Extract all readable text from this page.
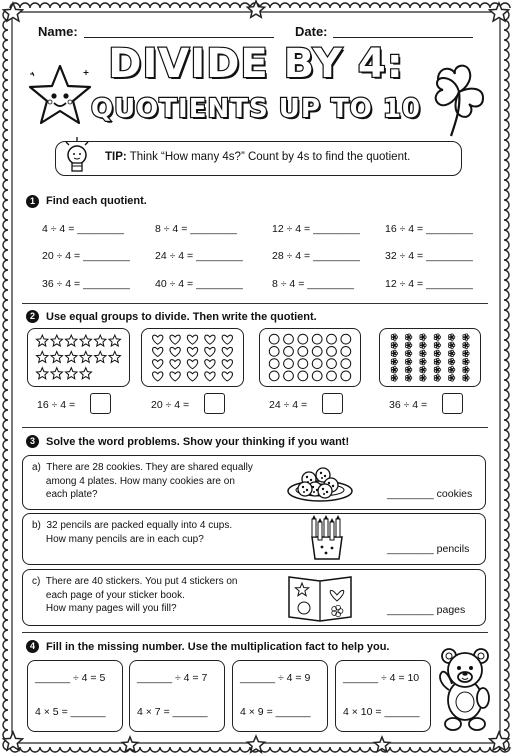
Name:	Date:
DIVIDE BY 4:
QUOTIENTS UP TO 10
TIP: Think “How many 4s?” Count by 4s to find the quotient.
1	Find each quotient.
4 ÷ 4 = ________	8 ÷ 4 = ________	12 ÷ 4 = ________ 16 ÷ 4 = ________
20 ÷ 4 = ________ 24 ÷ 4 = ________	28 ÷ 4 = ________ 32 ÷ 4 = ________
36 ÷ 4 = ________ 40 ÷ 4 = ________	8 ÷ 4 = ________	12 ÷ 4 = ________
2	Use equal groups to divide. Then write the quotient.
16 ÷ 4 =	20 ÷ 4 =	24 ÷ 4 =	36 ÷ 4 =
3	Solve the word problems. Show your thinking if you want!
a)  There are 28 cookies. They are shared equally
among 4 plates. How many cookies are on
each plate?	________ cookies
b)  32 pencils are packed equally into 4 cups.
How many pencils are in each cup?
________ pencils
c)  There are 40 stickers. You put 4 stickers on
each page of your sticker book.
How many pages will you fill?	________ pages
4	Fill in the missing number. Use the multiplication fact to help you.
______ ÷ 4 = 5
4 × 5 = ______
______ ÷ 4 = 7
4 × 7 = ______
______ ÷ 4 = 9
4 × 9 = ______
______ ÷ 4 = 10
4 × 10 = ______
